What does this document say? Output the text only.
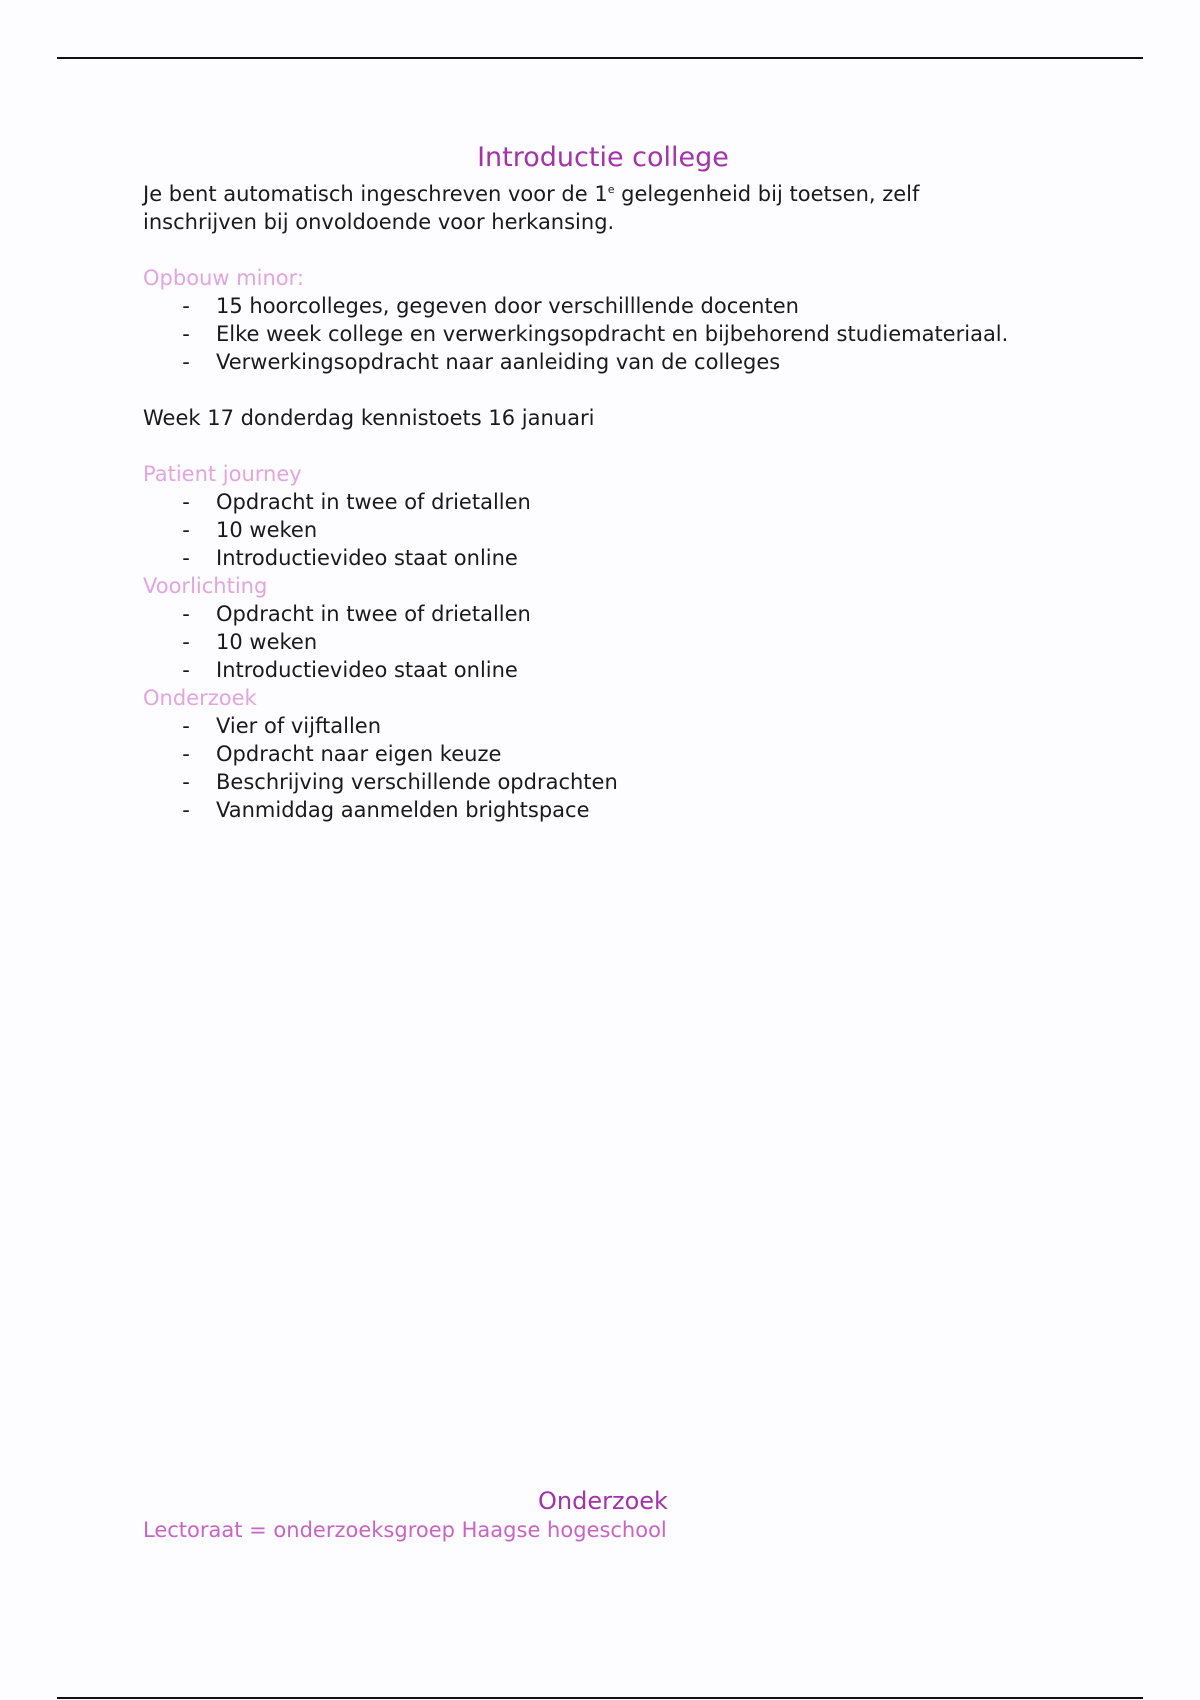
Introductie college

Je bent automatisch ingeschreven voor de 1e gelegenheid bij toetsen, zelf
inschrijven bij onvoldoende voor herkansing.

Opbouw minor:

- 15 hoorcolleges, gegeven door verschilllende docenten
- Elke week college en verwerkingsopdracht en bijbehorend studiemateriaal.
- Verwerkingsopdracht naar aanleiding van de colleges

Week 17 donderdag kennistoets 16 januari

Patient journey

- Opdracht in twee of drietallen
- 10 weken
- Introductievideo staat online

Voorlichting

- Opdracht in twee of drietallen
- 10 weken
- Introductievideo staat online

Onderzoek

- Vier of vijftallen
- Opdracht naar eigen keuze
- Beschrijving verschillende opdrachten
- Vanmiddag aanmelden brightspace
Onderzoek

Lectoraat = onderzoeksgroep Haagse hogeschool
